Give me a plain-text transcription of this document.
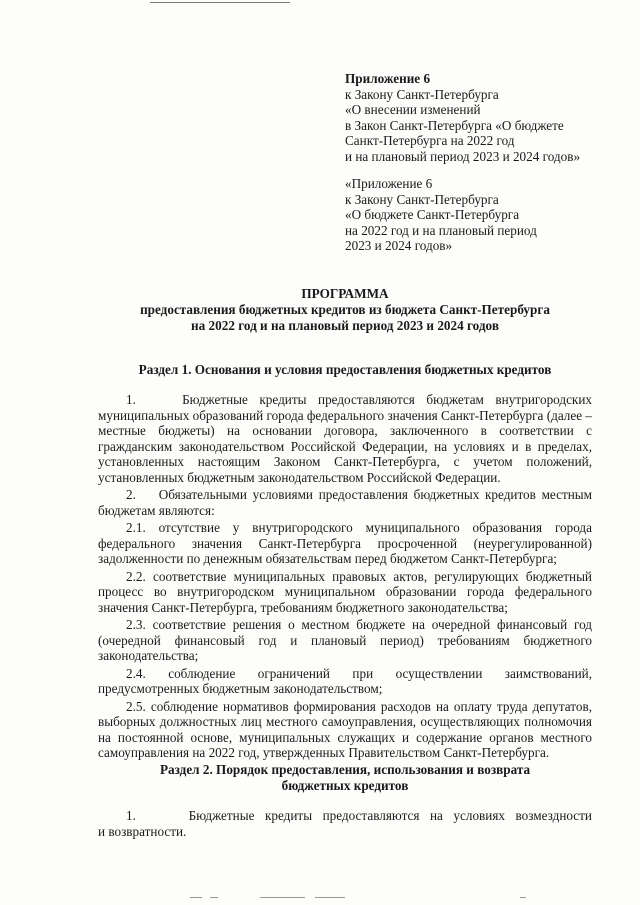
Приложение 6
к Закону Санкт-Петербурга
«О внесении изменений
в Закон Санкт-Петербурга «О бюджете
Санкт-Петербурга на 2022 год
и на плановый период 2023 и 2024 годов»
«Приложение 6
к Закону Санкт-Петербурга
«О бюджете Санкт-Петербурга
на 2022 год и на плановый период
2023 и 2024 годов»
ПРОГРАММА
предоставления бюджетных кредитов из бюджета Санкт-Петербурга
на 2022 год и на плановый период 2023 и 2024 годов
Раздел 1. Основания и условия предоставления бюджетных кредитов

1.    Бюджетные кредиты предоставляются бюджетам внутригородских муниципальных образований города федерального значения Санкт-Петербурга (далее – местные бюджеты) на основании договора, заключенного в соответствии с гражданским законодательством Российской Федерации, на условиях и в пределах, установленных настоящим Законом Санкт-Петербурга, с учетом положений, установленных бюджетным законодательством Российской Федерации.

2.    Обязательными условиями предоставления бюджетных кредитов местным бюджетам являются:

2.1. отсутствие у внутригородского муниципального образования города федерального значения Санкт-Петербурга просроченной (неурегулированной) задолженности по денежным обязательствам перед бюджетом Санкт-Петербурга;

2.2. соответствие муниципальных правовых актов, регулирующих бюджетный процесс во внутригородском муниципальном образовании города федерального значения Санкт-Петербурга, требованиям бюджетного законодательства;

2.3. соответствие решения о местном бюджете на очередной финансовый год (очередной финансовый год и плановый период) требованиям бюджетного законодательства;

2.4. соблюдение ограничений при осуществлении заимствований, предусмотренных бюджетным законодательством;

2.5. соблюдение нормативов формирования расходов на оплату труда депутатов, выборных должностных лиц местного самоуправления, осуществляющих полномочия на постоянной основе, муниципальных служащих и содержание органов местного самоуправления на 2022 год, утвержденных Правительством Санкт-Петербурга.

Раздел 2. Порядок предоставления, использования и возврата
бюджетных кредитов
1.     Бюджетные кредиты предоставляются на условиях возмездности
и возвратности.
